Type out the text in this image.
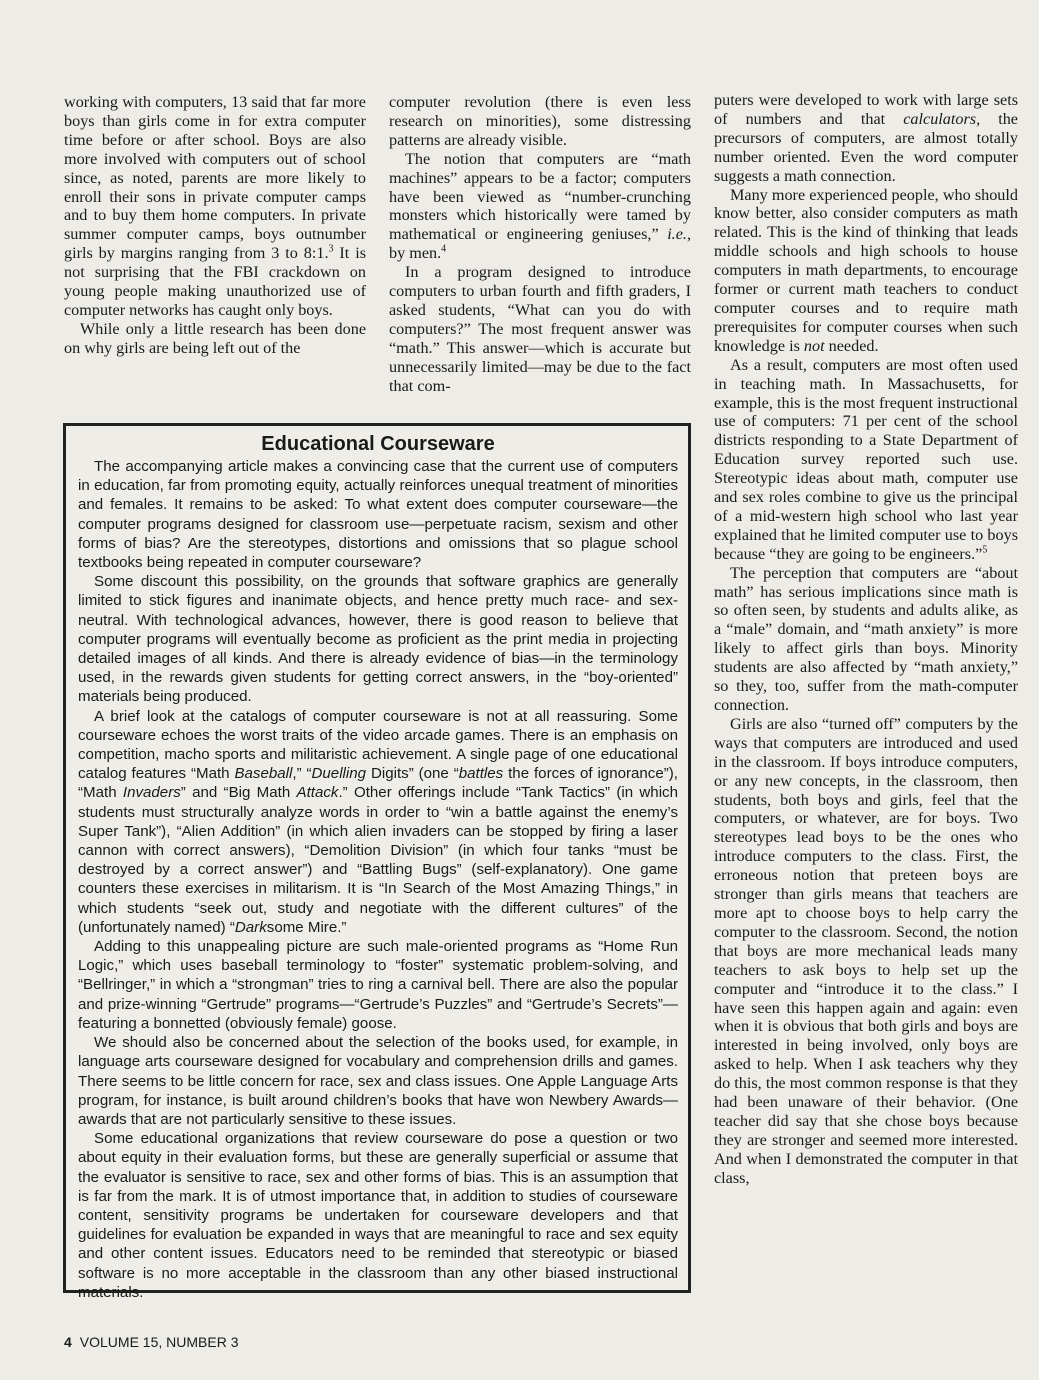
working with computers, 13 said that far more boys than girls come in for extra computer time before or after school. Boys are also more involved with computers out of school since, as noted, parents are more likely to enroll their sons in private computer camps and to buy them home computers. In private summer computer camps, boys outnumber girls by margins ranging from 3 to 8:1.$^3$ It is not surprising that the FBI crackdown on young people making unauthorized use of computer networks has caught only boys.

While only a little research has been done on why girls are being left out of the

computer revolution (there is even less research on minorities), some distressing patterns are already visible.

The notion that computers are “math machines” appears to be a factor; computers have been viewed as “number-crunching monsters which historically were tamed by mathematical or engineering geniuses,” i.e., by men.$^4$

In a program designed to introduce computers to urban fourth and fifth graders, I asked students, “What can you do with computers?” The most frequent answer was “math.” This answer—which is accurate but unnecessarily limited—may be due to the fact that com-

puters were developed to work with large sets of numbers and that calculators, the precursors of computers, are almost totally number oriented. Even the word computer suggests a math connection.

Many more experienced people, who should know better, also consider computers as math related. This is the kind of thinking that leads middle schools and high schools to house computers in math departments, to encourage former or current math teachers to conduct computer courses and to require math prerequisites for computer courses when such knowledge is not needed.

As a result, computers are most often used in teaching math. In Massachusetts, for example, this is the most frequent instructional use of computers: 71 per cent of the school districts responding to a State Department of Education survey reported such use. Stereotypic ideas about math, computer use and sex roles combine to give us the principal of a mid-western high school who last year explained that he limited computer use to boys because “they are going to be engineers.”$^5$

The perception that computers are “about math” has serious implications since math is so often seen, by students and adults alike, as a “male” domain, and “math anxiety” is more likely to affect girls than boys. Minority students are also affected by “math anxiety,” so they, too, suffer from the math-computer connection.

Girls are also “turned off” computers by the ways that computers are introduced and used in the classroom. If boys introduce computers, or any new concepts, in the classroom, then students, both boys and girls, feel that the computers, or whatever, are for boys. Two stereotypes lead boys to be the ones who introduce computers to the class. First, the erroneous notion that preteen boys are stronger than girls means that teachers are more apt to choose boys to help carry the computer to the classroom. Second, the notion that boys are more mechanical leads many teachers to ask boys to help set up the computer and “introduce it to the class.” I have seen this happen again and again: even when it is obvious that both girls and boys are interested in being involved, only boys are asked to help. When I ask teachers why they do this, the most common response is that they had been unaware of their behavior. (One teacher did say that she chose boys because they are stronger and seemed more interested. And when I demonstrated the computer in that class,

Educational Courseware

The accompanying article makes a convincing case that the current use of computers in education, far from promoting equity, actually reinforces unequal treatment of minorities and females. It remains to be asked: To what extent does computer courseware—the computer programs designed for classroom use—perpetuate racism, sexism and other forms of bias? Are the stereotypes, distortions and omissions that so plague school textbooks being repeated in computer courseware?

Some discount this possibility, on the grounds that software graphics are generally limited to stick figures and inanimate objects, and hence pretty much race- and sex-neutral. With technological advances, however, there is good reason to believe that computer programs will eventually become as proficient as the print media in projecting detailed images of all kinds. And there is already evidence of bias—in the terminology used, in the rewards given students for getting correct answers, in the “boy-oriented” materials being produced.

A brief look at the catalogs of computer courseware is not at all reassuring. Some courseware echoes the worst traits of the video arcade games. There is an emphasis on competition, macho sports and militaristic achievement. A single page of one educational catalog features “Math Baseball,” “Duelling Digits” (one “battles the forces of ignorance”), “Math Invaders” and “Big Math Attack.” Other offerings include “Tank Tactics” (in which students must structurally analyze words in order to “win a battle against the enemy’s Super Tank”), “Alien Addition” (in which alien invaders can be stopped by firing a laser cannon with correct answers), “Demolition Division” (in which four tanks “must be destroyed by a correct answer”) and “Battling Bugs” (self-explanatory). One game counters these exercises in militarism. It is “In Search of the Most Amazing Things,” in which students “seek out, study and negotiate with the different cultures” of the (unfortunately named) “Darksome Mire.”

Adding to this unappealing picture are such male-oriented programs as “Home Run Logic,” which uses baseball terminology to “foster” systematic problem-solving, and “Bellringer,” in which a “strongman” tries to ring a carnival bell. There are also the popular and prize-winning “Gertrude” programs—“Gertrude’s Puzzles” and “Gertrude’s Secrets”—featuring a bonnetted (obviously female) goose.

We should also be concerned about the selection of the books used, for example, in language arts courseware designed for vocabulary and comprehension drills and games. There seems to be little concern for race, sex and class issues. One Apple Language Arts program, for instance, is built around children’s books that have won Newbery Awards—awards that are not particularly sensitive to these issues.

Some educational organizations that review courseware do pose a question or two about equity in their evaluation forms, but these are generally superficial or assume that the evaluator is sensitive to race, sex and other forms of bias. This is an assumption that is far from the mark. It is of utmost importance that, in addition to studies of courseware content, sensitivity programs be undertaken for courseware developers and that guidelines for evaluation be expanded in ways that are meaningful to race and sex equity and other content issues. Educators need to be reminded that stereotypic or biased software is no more acceptable in the classroom than any other biased instructional materials.

4 VOLUME 15, NUMBER 3
